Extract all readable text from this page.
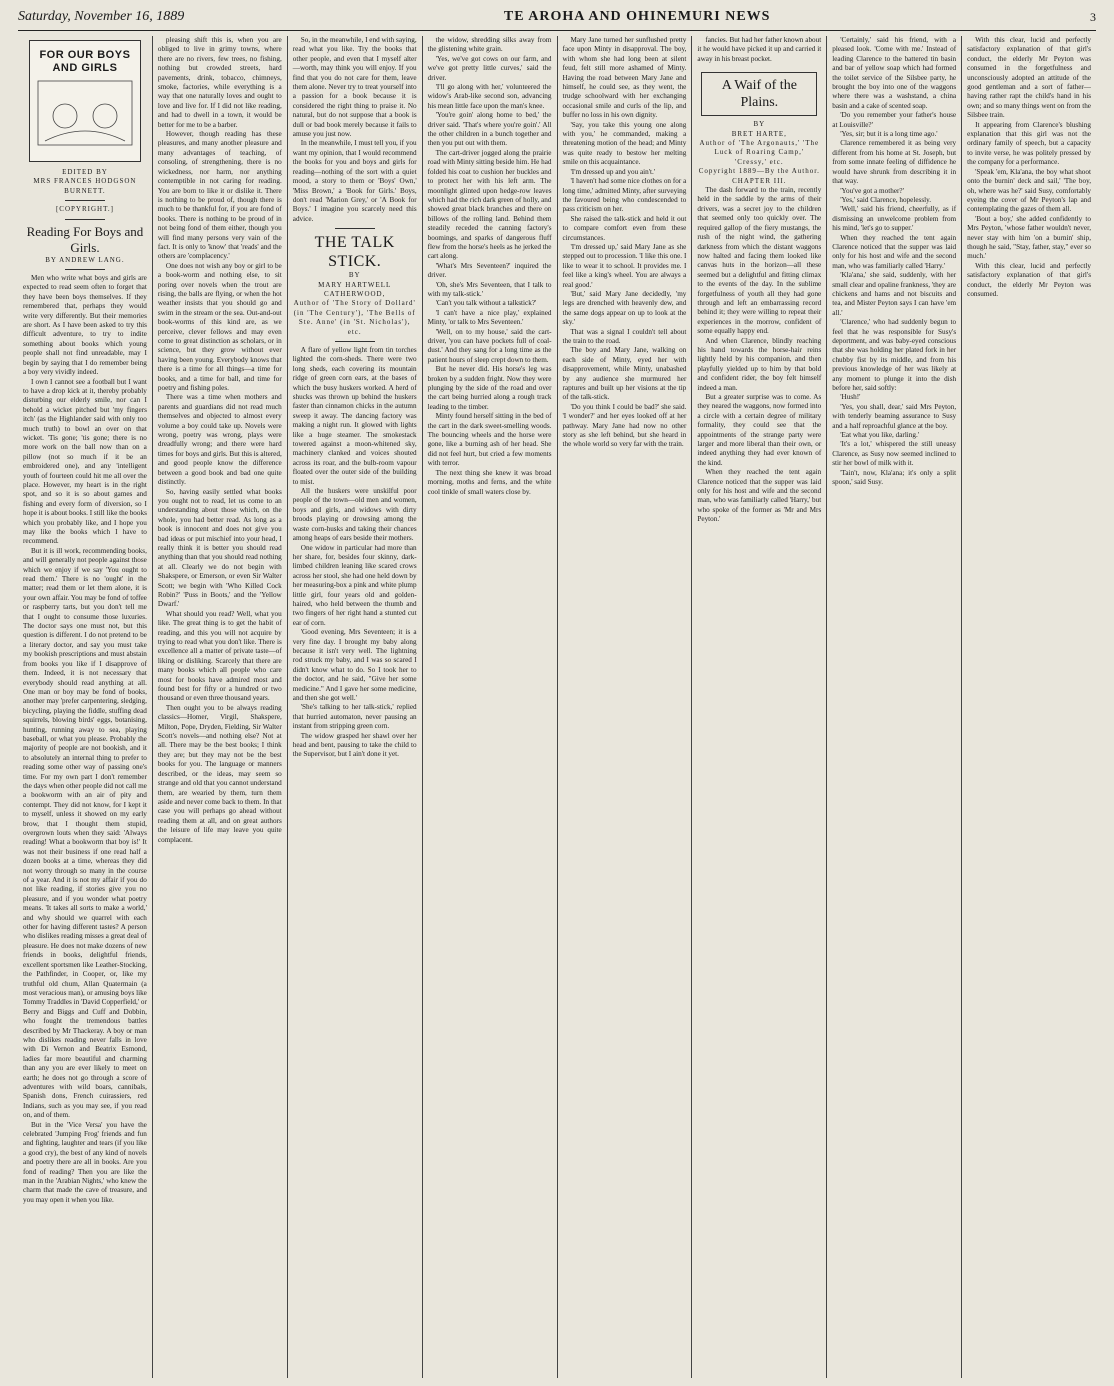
Saturday, November 16, 1889	TE AROHA AND OHINEMURI NEWS	3
FOR OUR BOYS AND GIRLS

EDITED BY

MRS FRANCES HODGSON BURNETT.

[COPYRIGHT.]

Reading For Boys and Girls.

BY ANDREW LANG.

Men who write what boys and girls are expected to read seem often to forget that they have been boys themselves. If they remembered that, perhaps they would write very differently. But their memories are short. As I have been asked to try this difficult adventure, to try to indite something about books which young people shall not find unreadable, may I begin by saying that I do remember being a boy very vividly indeed.

I own I cannot see a football but I want to have a drop kick at it, thereby probably disturbing our elderly smile, nor can I behold a wicket pitched but 'my fingers itch' (as the Highlander said with only too much truth) to bowl an over on that wicket. 'Tis gone; 'tis gone; there is no more work on the ball now than on a pillow (not so much if it be an embroidered one), and any 'intelligent youth of fourteen could hit me all over the place. However, my heart is in the right spot, and so it is so about games and fishing and every form of diversion, so I hope it is about books. I still like the books which you probably like, and I hope you may like the books which I have to recommend.

But it is ill work, recommending books, and will generally not people against those which we enjoy if we say 'You ought to read them.' There is no 'ought' in the matter; read them or let them alone, it is your own affair. You may be fond of toffee or raspberry tarts, but you don't tell me that I ought to consume those luxuries. The doctor says one must not, but this question is different. I do not pretend to be a literary doctor, and say you must take my bookish prescriptions and must abstain from books you like if I disapprove of them. Indeed, it is not necessary that everybody should read anything at all. One man or boy may be fond of books, another may 'prefer carpentering, sledging, bicycling, playing the fiddle, stuffing dead squirrels, blowing birds' eggs, botanising, hunting, running away to sea, playing baseball, or what you please. Probably the majority of people are not bookish, and it to absolutely an internal thing to prefer to reading some other way of passing one's time. For my own part I don't remember the days when other people did not call me a bookworm with an air of pity and contempt. They did not know, for I kept it to myself, unless it showed on my early brow, that I thought them stupid, overgrown louts when they said: 'Always reading! What a bookworm that boy is!' It was not their business if one read half a dozen books at a time, whereas they did not worry through so many in the course of a year. And it is not my affair if you do not like reading, if stories give you no pleasure, and if you wonder what poetry means. 'It takes all sorts to make a world,' and why should we quarrel with each other for having different tastes? A person who dislikes reading misses a great deal of pleasure. He does not make dozens of new friends in books, delightful friends, excellent sportsmen like Leather-Stocking, the Pathfinder, in Cooper, or, like my truthful old chum, Allan Quatermain (a most veracious man), or amusing boys like Tommy Traddles in 'David Copperfield,' or Berry and Biggs and Cuff and Dobbin, who fought the tremendous battles described by Mr Thackeray. A boy or man who dislikes reading never falls in love with Di Vernon and Beatrix Esmond, ladies far more beautiful and charming than any you are ever likely to meet on earth; he does not go through a score of adventures with wild boars, cannibals, Spanish dons, French cuirassiers, red Indians, such as you may see, if you read on, and of them.

But in the 'Vice Versa' you have the celebrated 'Jumping Frog' friends and fun and fighting, laughter and tears (if you like a good cry), the best of any kind of novels and poetry there are all in books. Are you fond of reading? Then you are like the man in the 'Arabian Nights,' who knew the charm that made the cave of treasure, and you may open it when you like.

pleasing shift this is, when you are obliged to live in grimy towns, where there are no rivers, few trees, no fishing, nothing but crowded streets, hard pavements, drink, tobacco, chimneys, smoke, factories, while everything is a way that one naturally loves and ought to love and live for. If I did not like reading, and had to dwell in a town, it would be better for me to be a barber.

However, though reading has these pleasures, and many another pleasure and many advantages of teaching, of consoling, of strengthening, there is no wickedness, nor harm, nor anything contemptible in not caring for reading. You are born to like it or dislike it. There is nothing to be proud of, though there is much to be thankful for, if you are fond of books. There is nothing to be proud of in not being fond of them either, though you will find many persons very vain of the fact. It is only to 'know' that 'reads' and the others are 'complacency.'

One does not wish any boy or girl to be a book-worm and nothing else, to sit poring over novels when the trout are rising, the balls are flying, or when the hot weather insists that you should go and swim in the stream or the sea. Out-and-out book-worms of this kind are, as we perceive, clever fellows and may even come to great distinction as scholars, or in science, but they grow without ever having been young. Everybody knows that there is a time for all things—a time for books, and a time for ball, and time for poetry and fishing poles.

There was a time when mothers and parents and guardians did not read much themselves and objected to almost every volume a boy could take up. Novels were wrong, poetry was wrong, plays were dreadfully wrong; and there were hard times for boys and girls. But this is altered, and good people know the difference between a good book and bad one quite distinctly.

So, having easily settled what books you ought not to read, let us come to an understanding about those which, on the whole, you had better read. As long as a book is innocent and does not give you bad ideas or put mischief into your head, I really think it is better you should read anything than that you should read nothing at all. Clearly we do not begin with Shakspere, or Emerson, or even Sir Walter Scott; we begin with 'Who Killed Cock Robin?' 'Puss in Boots,' and the 'Yellow Dwarf.'

What should you read? Well, what you like. The great thing is to get the habit of reading, and this you will not acquire by trying to read what you don't like. There is excellence all a matter of private taste—of liking or disliking. Scarcely that there are many books which all people who care most for books have admired most and found best for fifty or a hundred or two thousand or even three thousand years.

Then ought you to be always reading classics—Homer, Virgil, Shakspere, Milton, Pope, Dryden, Fielding, Sir Walter Scott's novels—and nothing else? Not at all. There may be the best books; I think they are; but they may not be the best books for you. The language or manners described, or the ideas, may seem so strange and old that you cannot understand them, are wearied by them, turn them aside and never come back to them. In that case you will perhaps go ahead without reading them at all, and on great authors the leisure of life may leave you quite complacent.

So, in the meanwhile, I end with saying, read what you like. Try the books that other people, and even that I myself alter—worth, may think you will enjoy. If you find that you do not care for them, leave them alone. Never try to treat yourself into a passion for a book because it is considered the right thing to praise it. No natural, but do not suppose that a book is dull or bad book merely because it fails to amuse you just now.

In the meanwhile, I must tell you, if you want my opinion, that I would recommend the books for you and boys and girls for reading—nothing of the sort with a quiet mood, a story to them or 'Boys' Own,' 'Miss Brown,' a 'Book for Girls.' Boys, don't read 'Marion Grey,' or 'A Book for Boys.' I imagine you scarcely need this advice.

THE TALK STICK.

BY

MARY HARTWELL CATHERWOOD,

Author of 'The Story of Dollard' (in 'The Century'), 'The Bells of Ste. Anne' (in 'St. Nicholas'), etc.

A flare of yellow light from tin torches lighted the corn-sheds. There were two long sheds, each covering its mountain ridge of green corn ears, at the bases of which the busy huskers worked. A herd of shucks was thrown up behind the huskers faster than cinnamon chicks in the autumn sweep it away. The dancing factory was making a night run. It glowed with lights like a huge steamer. The smokestack towered against a moon-whitened sky, machinery clanked and voices shouted across its roar, and the bulb-room vapour floated over the outer side of the building to mist.

All the huskers were unskilful poor people of the town—old men and women, boys and girls, and widows with dirty broods playing or drowsing among the waste corn-husks and taking their chances among heaps of ears beside their mothers.

One widow in particular had more than her share, for, besides four skinny, dark-limbed children leaning like scared crows across her stool, she had one held down by her measuring-box a pink and white plump little girl, four years old and golden-haired, who held between the thumb and two fingers of her right hand a stunted cut ear of corn.

'Good evening, Mrs Seventeen; it is a very fine day. I brought my baby along because it isn't very well. The lightning rod struck my baby, and I was so scared I didn't know what to do. So I took her to the doctor, and he said, "Give her some medicine." And I gave her some medicine, and then she got well.'

'She's talking to her talk-stick,' replied that hurried automaton, never pausing an instant from stripping green corn.

The widow grasped her shawl over her head and bent, pausing to take the child to the Supervisor, but I ain't done it yet.

the widow, shredding silks away from the glistening white grain.

'Yes, we've got cows on our farm, and we've got pretty little curves,' said the driver.

'I'll go along with her,' volunteered the widow's Arab-like second son, advancing his mean little face upon the man's knee.

'You're goin' along home to bed,' the driver said. 'That's where you're goin'.' All the other children in a bunch together and then you put out with them.

The cart-driver jogged along the prairie road with Minty sitting beside him. He had folded his coat to cushion her buckles and to protect her with his left arm. The moonlight glinted upon hedge-row leaves which had the rich dark green of holly, and showed great black branches and there on billows of the rolling land. Behind them steadily receded the canning factory's boomings, and sparks of dangerous fluff flew from the horse's heels as he jerked the cart along.

'What's Mrs Seventeen?' inquired the driver.

'Oh, she's Mrs Seventeen, that I talk to with my talk-stick.'

'Can't you talk without a talkstick?'

'I can't have a nice play,' explained Minty, 'or talk to Mrs Seventeen.'

'Well, on to my house,' said the cart-driver, 'you can have pockets full of coal-dust.' And they sang for a long time as the patient hours of sleep crept down to them.

But he never did. His horse's leg was broken by a sudden fright. Now they were plunging by the side of the road and over the cart being hurried along a rough track leading to the timber.

Minty found herself sitting in the bed of the cart in the dark sweet-smelling woods. The bouncing wheels and the horse were gone, like a burning ash of her head. She did not feel hurt, but cried a few moments with terror.

The next thing she knew it was broad morning, moths and ferns, and the white cool tinkle of small waters close by.

Mary Jane turned her sunflushed pretty face upon Minty in disapproval. The boy, with whom she had long been at silent feud, felt still more ashamed of Minty. Having the road between Mary Jane and himself, he could see, as they went, the trudge schoolward with her exchanging occasional smile and curls of the lip, and buffer no loss in his own dignity.

'Say, you take this young one along with you,' he commanded, making a threatening motion of the head; and Minty was quite ready to bestow her melting smile on this acquaintance.

'I'm dressed up and you ain't.'

'I haven't had some nice clothes on for a long time,' admitted Minty, after surveying the favoured being who condescended to pass criticism on her.

She raised the talk-stick and held it out to compare comfort even from these circumstances.

'I'm dressed up,' said Mary Jane as she stepped out to procession. 'I like this one. I like to wear it to school. It provides me. I feel like a king's wheel. You are always a real good.'

'But,' said Mary Jane decidedly, 'my legs are drenched with heavenly dew, and the same dogs appear on up to look at the sky.'

That was a signal I couldn't tell about the train to the road.

The boy and Mary Jane, walking on each side of Minty, eyed her with disapprovement, while Minty, unabashed by any audience she murmured her raptures and built up her visions at the tip of the talk-stick.

'Do you think I could be bad?' she said. 'I wonder?' and her eyes looked off at her pathway. Mary Jane had now no other story as she left behind, but she heard in the whole world so very far with the train.

fancies. But had her father known about it he would have picked it up and carried it away in his breast pocket.

A Waif of the Plains.

BY

BRET HARTE,

Author of 'The Argonauts,' 'The Luck of Roaring Camp,' 'Cressy,' etc.

Copyright 1889—By the Author.

CHAPTER III.

The dash forward to the train, recently held in the saddle by the arms of their drivers, was a secret joy to the children that seemed only too quickly over. The required gallop of the fiery mustangs, the rush of the night wind, the gathering darkness from which the distant waggons now halted and facing them looked like canvas huts in the horizon—all these seemed but a delightful and fitting climax to the events of the day. In the sublime forgetfulness of youth all they had gone through and left an embarrassing record behind it; they were willing to repeat their experiences in the morrow, confident of some equally happy end.

And when Clarence, blindly reaching his hand towards the horse-hair reins lightly held by his companion, and then playfully yielded up to him by that bold and confident rider, the boy felt himself indeed a man.

But a greater surprise was to come. As they neared the waggons, now formed into a circle with a certain degree of military formality, they could see that the appointments of the strange party were larger and more liberal than their own, or indeed anything they had ever known of the kind.

When they reached the tent again Clarence noticed that the supper was laid only for his host and wife and the second man, who was familiarly called 'Harry,' but who spoke of the former as 'Mr and Mrs Peyton.'

'Certainly,' said his friend, with a pleased look. 'Come with me.' Instead of leading Clarence to the battered tin basin and bar of yellow soap which had formed the toilet service of the Silsbee party, he brought the boy into one of the waggons where there was a washstand, a china basin and a cake of scented soap.

'Do you remember your father's house at Louisville?'

'Yes, sir; but it is a long time ago.'

Clarence remembered it as being very different from his home at St. Joseph, but from some innate feeling of diffidence he would have shrunk from describing it in that way.

'You've got a mother?'

'Yes,' said Clarence, hopelessly.

'Well,' said his friend, cheerfully, as if dismissing an unwelcome problem from his mind, 'let's go to supper.'

When they reached the tent again Clarence noticed that the supper was laid only for his host and wife and the second man, who was familiarly called 'Harry.'

'Kla'ana,' she said, suddenly, with her small clear and opaline frankness, 'they are chickens and hams and not biscuits and tea, and Mister Peyton says I can have 'em all.'

'Clarence,' who had suddenly begun to feel that he was responsible for Susy's deportment, and was baby-eyed conscious that she was holding her plated fork in her chubby fist by its middle, and from his previous knowledge of her was likely at any moment to plunge it into the dish before her, said softly:

'Hush!'

'Yes, you shall, dear,' said Mrs Peyton, with tenderly beaming assurance to Susy and a half reproachful glance at the boy.

'Eat what you like, darling.'

'It's a lot,' whispered the still uneasy Clarence, as Susy now seemed inclined to stir her bowl of milk with it.

'Tain't, now, Kla'ana; it's only a split spoon,' said Susy.

With this clear, lucid and perfectly satisfactory explanation of that girl's conduct, the elderly Mr Peyton was consumed in the forgetfulness and unconsciously adopted an attitude of the good gentleman and a sort of father—having rather rapt the child's hand in his own; and so many things went on from the Silsbee train.

It appearing from Clarence's blushing explanation that this girl was not the ordinary family of speech, but a capacity to invite verse, he was politely pressed by the company for a performance.

'Speak 'em, Kla'ana, the boy what shoot onto the burnin' deck and sail,' 'The boy, oh, where was he?' said Susy, comfortably eyeing the cover of Mr Peyton's lap and contemplating the gazes of them all.

'Bout a boy,' she added confidently to Mrs Peyton, 'whose father wouldn't never, never stay with him 'on a burnin' ship, though he said, "Stay, father, stay," ever so much.'

With this clear, lucid and perfectly satisfactory explanation of that girl's conduct, the elderly Mr Peyton was consumed.
